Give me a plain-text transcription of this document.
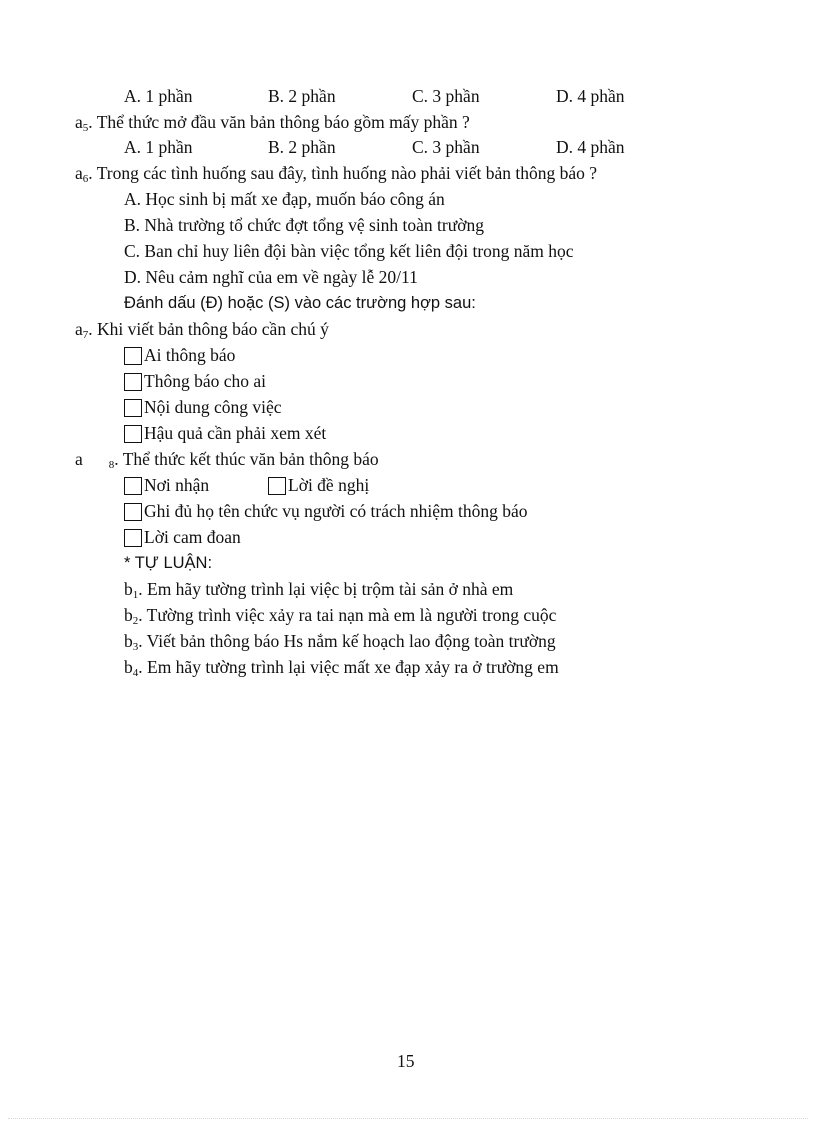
A. 1 phần	B. 2 phần	C. 3 phần	D. 4 phần
$a_5$. Thể thức mở đầu văn bản thông báo gồm mấy phần ?
A. 1 phần	B. 2 phần	C. 3 phần	D. 4 phần
$a_6$. Trong các tình huống sau đây, tình huống nào phải viết bản thông báo ?
A. Học sinh bị mất xe đạp, muốn báo công án
B. Nhà trường tổ chức đợt tổng vệ sinh toàn trường
C. Ban chỉ huy liên đội bàn việc tổng kết liên đội trong năm học
D. Nêu cảm nghĩ của em về ngày lễ 20/11
Đánh dấu (Đ) hoặc (S) vào các trường hợp sau:
$a_7$. Khi viết bản thông báo cần chú ý
Ai thông báo
Thông báo cho ai
Nội dung công việc
Hậu quả cần phải xem xét
a $_8$. Thể thức kết thúc văn bản thông báo
Nơi nhận	Lời đề nghị
Ghi đủ họ tên chức vụ người có trách nhiệm thông báo
Lời cam đoan
* TỰ LUẬN:
$b_1$. Em hãy tường trình lại việc bị trộm tài sản ở nhà em
$b_2$. Tường trình việc xảy ra tai nạn mà em là người trong cuộc
$b_3$. Viết bản thông báo Hs nắm kế hoạch lao động toàn trường
$b_4$. Em hãy tường trình lại việc mất xe đạp xảy ra ở trường em
15
